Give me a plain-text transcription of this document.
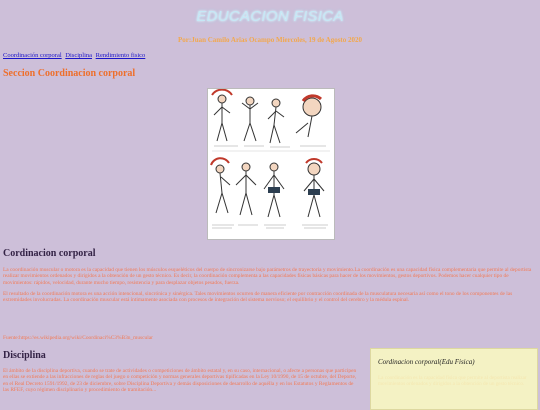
EDUCACION FISICA
Por:Juan Camilo Arias Ocampo Miercoles, 19 de Agosto 2020
Coordinación corporal Disciplina Rendimiento fisico
Seccion Coordinacion corporal
Cordinacion corporal

La coordinación muscular o motora es la capacidad que tienen los músculos esqueléticos del cuerpo de sincronizarse bajo parámetros de trayectoria y movimiento.La coordinación es una capacidad física complementaria que permite al deportista realizar movimientos ordenados y dirigidos a la obtención de un gesto técnico. Es decir, la coordinación complementa a las capacidades físicas básicas para hacer de los movimientos, gestos deportivos. Podemos hacer cualquier tipo de movimientos: rápidos, velocidad, durante mucho tiempo, resistencia y para desplazar objetos pesados, fuerza.

El resultado de la coordinación motora es una acción intencional, sincrónica y sinérgica. Tales movimientos ocurren de manera eficiente por contracción coordinada de la musculatura necesaria así como el tono de los componentes de las extremidades involucradas. La coordinación muscular está íntimamente asociada con procesos de integración del sistema nervioso; el equilibrio y el control del cerebro y la médula espinal.

Fuente:https://es.wikipedia.org/wiki/Coordinaci%C3%B3n_muscular

Disciplina

El ámbito de la disciplina deportiva, cuando se trate de actividades o competiciones de ámbito estatal y, en su caso, internacional, o afecte a personas que participen en ellas se extiende a las infracciones de reglas del juego o competición y normas generales deportivas tipificadas en la Ley 10/1990, de 15 de octubre, del Deporte, en el Real Decreto 1591/1992, de 23 de diciembre, sobre Disciplina Deportiva y demás disposiciones de desarrollo de aquélla y en los Estatutos y Reglamentos de las RFEF, cuyo régimen disciplinario y procedimiento de tramitación...

Cordinacion corporal(Edu Fisica)
La coordinación es la capacidad física que permite al deportista realizar movimientos ordenados y dirigidos a la obtención de un gesto técnico.
